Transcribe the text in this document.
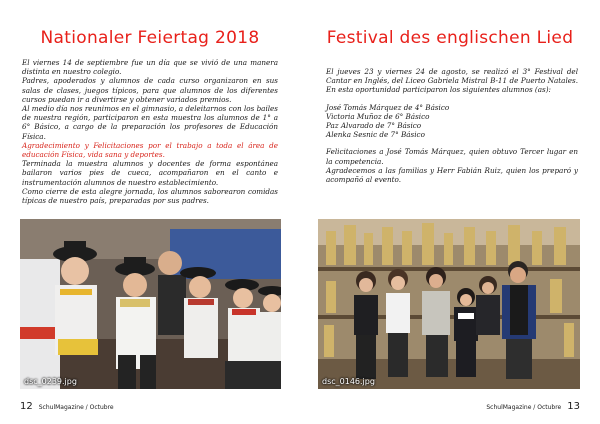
Nationaler Feiertag 2018

El viernes 14 de septiembre fue un día que se vivió de una manera distinta en nuestro colegio.

Padres, apoderados y alumnos de cada curso organizaron en sus salas de clases, juegos típicos, para que alumnos de los diferentes cursos puedan ir a divertirse y obtener variados premios.

Al medio día nos reunimos en el gimnasio, a deleitarnos con los bailes de nuestra región, participaron en esta muestra los alumnos de 1° a 6° Básico, a cargo de la preparación los profesores de Educación Física.

Agradecimiento y Felicitaciones por el trabajo a toda el área de educación Física, vida sana y deportes.

Terminada la muestra alumnos y docentes de forma espontánea bailaron varios pies de cueca, acompañaron en el canto e instrumentación alumnos de nuestro establecimiento.

Como cierre de esta alegre jornada, los alumnos saborearon comidas típicas de nuestro país, preparadas por sus padres.

dsc_0239.jpg
12 SchulMagazine / Octubre
Festival des englischen Lied

El jueves 23 y viernes 24 de agosto, se realizó el 3° Festival del Cantar en Inglés, del Liceo Gabriela Mistral B-11 de Puerto Natales. En esta oportunidad participaron los siguientes alumnos (as):

José Tomás Márquez de 4° Básico

Victoria Muñoz de 6° Básico

Paz Alvarado de 7° Básico

Alenka Sesnic de 7° Básico

Felicitaciones a José Tomás Márquez, quien obtuvo Tercer lugar en la competencia.

Agradecemos a las familias y Herr Fabián Ruiz, quien los preparó y acompañó al evento.

dsc_0146.jpg
SchulMagazine / Octubre 13
